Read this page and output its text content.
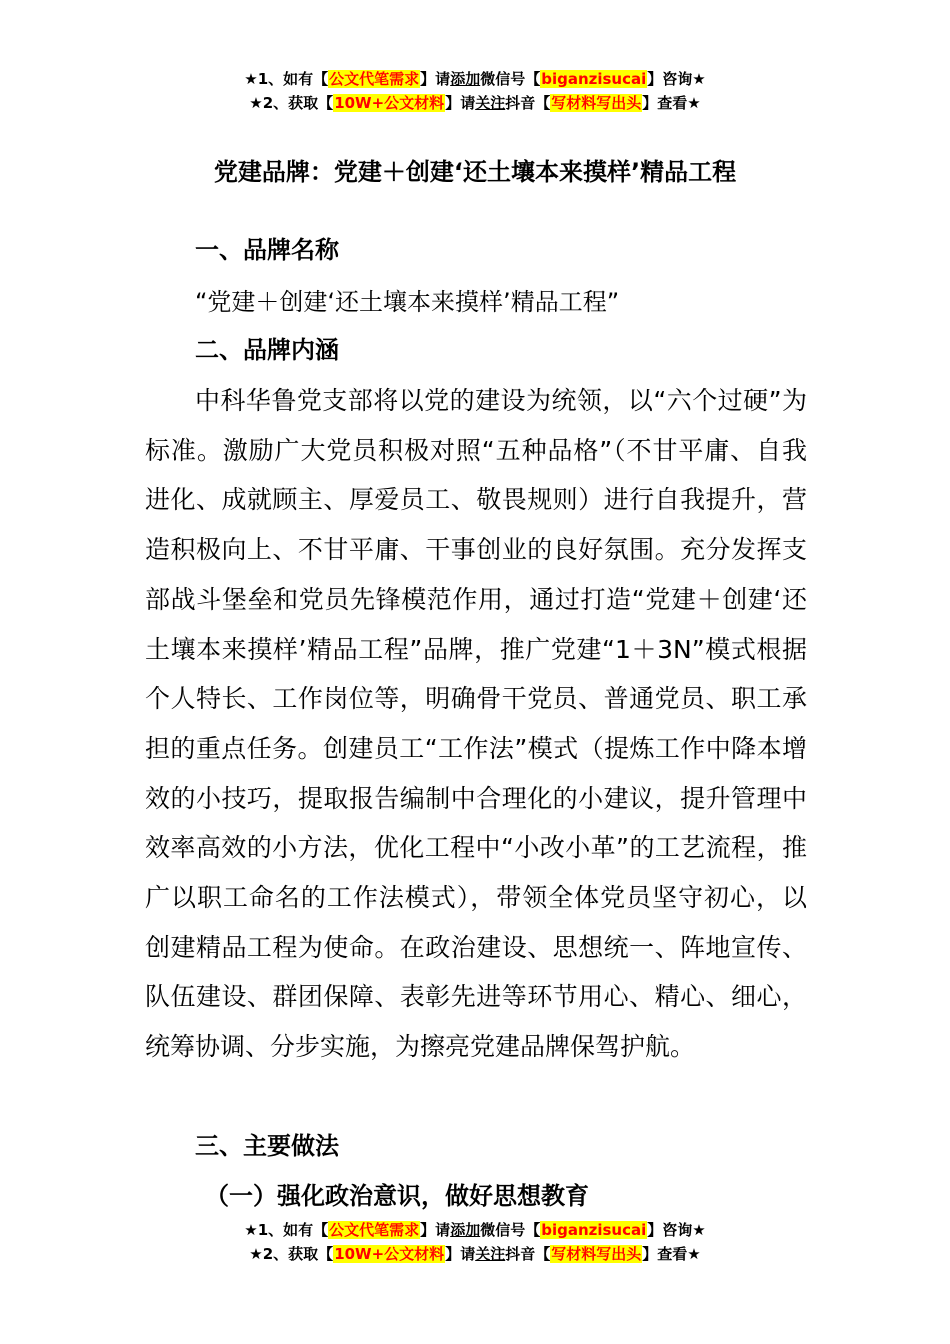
★1、如有【公文代笔需求】请添加微信号【biganzisucai】咨询★
★2、获取【10W+公文材料】请关注抖音【写材料写出头】查看★
党建品牌：党建＋创建‘还土壤本来摸样’精品工程
一、品牌名称
“党建＋创建‘还土壤本来摸样’精品工程”
二、品牌内涵
中科华鲁党支部将以党的建设为统领，以“六个过硬”为标准。激励广大党员积极对照“五种品格”（不甘平庸、自我进化、成就顾主、厚爱员工、敬畏规则）进行自我提升，营造积极向上、不甘平庸、干事创业的良好氛围。充分发挥支部战斗堡垒和党员先锋模范作用，通过打造“党建＋创建‘还土壤本来摸样’精品工程”品牌，推广党建“1＋3N”模式根据个人特长、工作岗位等，明确骨干党员、普通党员、职工承担的重点任务。创建员工“工作法”模式（提炼工作中降本增效的小技巧，提取报告编制中合理化的小建议，提升管理中效率高效的小方法，优化工程中“小改小革”的工艺流程，推广以职工命名的工作法模式），带领全体党员坚守初心，以创建精品工程为使命。在政治建设、思想统一、阵地宣传、队伍建设、群团保障、表彰先进等环节用心、精心、细心，统筹协调、分步实施，为擦亮党建品牌保驾护航。
三、主要做法
（一）强化政治意识，做好思想教育
★1、如有【公文代笔需求】请添加微信号【biganzisucai】咨询★
★2、获取【10W+公文材料】请关注抖音【写材料写出头】查看★
